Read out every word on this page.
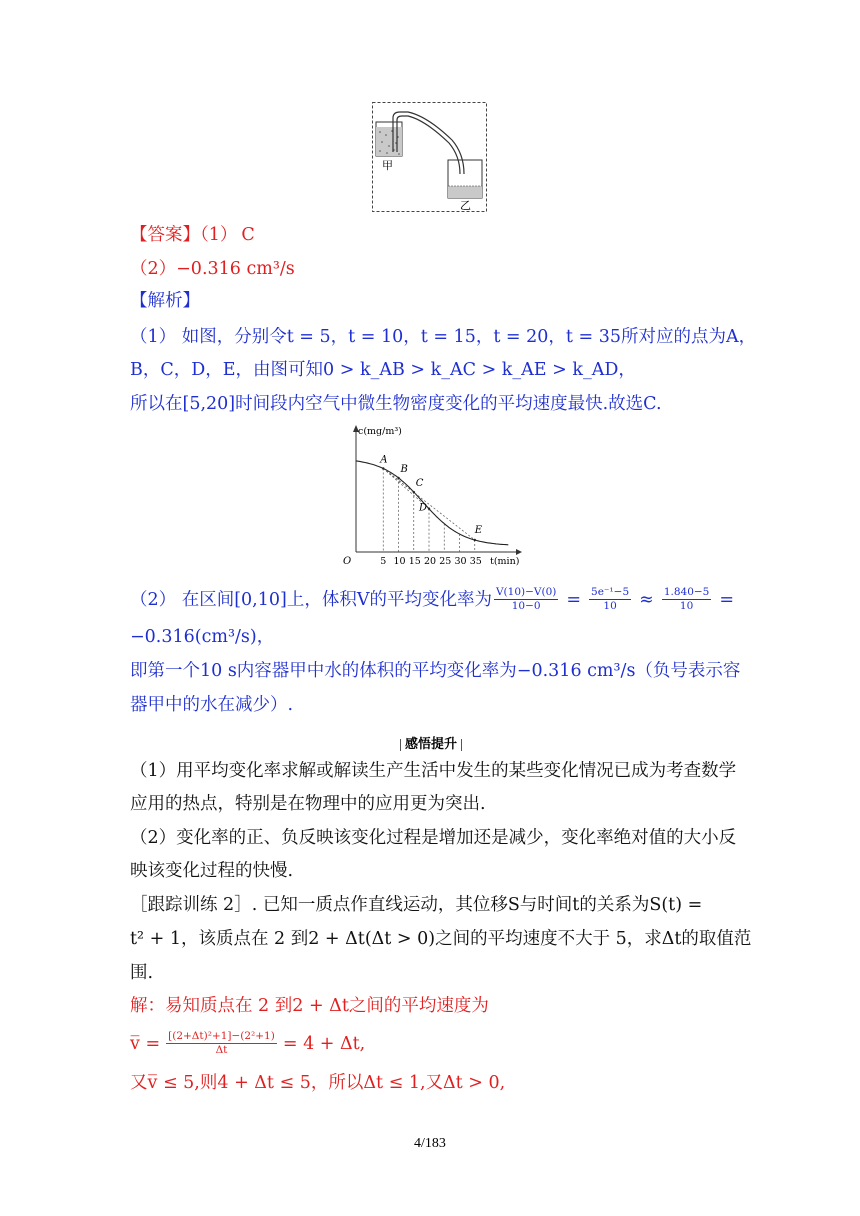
甲
乙
【答案】（1） C
（2）−0.316 cm³/s
【解析】
（1） 如图，分别令t = 5，t = 10，t = 15，t = 20，t = 35所对应的点为A，
B，C，D，E，由图可知0 > k_AB > k_AC > k_AE > k_AD，
所以在[5,20]时间段内空气中微生物密度变化的平均速度最快.故选C.
c(mg/m³)
t(min)
O	5 10 15 20 25 30 35
A
B
C
D
E
（2） 在区间[0,10]上，体积V的平均变化率为 $\frac{V(10)-V(0)}{10-0} = \frac{\text{5e⁻¹−5}}{10} \approx \frac{1.840-5}{10}$ =
−0.316(cm³/s)，
即第一个10 s内容器甲中水的体积的平均变化率为−0.316 cm³/s（负号表示容
器甲中的水在减少）.
感悟提升
（1）用平均变化率求解或解读生产生活中发生的某些变化情况已成为考查数学
应用的热点，特别是在物理中的应用更为突出.
（2）变化率的正、负反映该变化过程是增加还是减少，变化率绝对值的大小反
映该变化过程的快慢.
［跟踪训练 2］. 已知一质点作直线运动，其位移S与时间t的关系为S(t) =
t² + 1，该质点在 2 到2 + Δt(Δt > 0)之间的平均速度不大于 5，求Δt的取值范
围.
解：易知质点在 2 到2 + Δt之间的平均速度为
v̅ = $\frac{\text{[(2+Δt)²+1]−(2²+1)}}{\Delta t} = 4 + \Delta t$,
又v̅ ≤ 5,则4 + Δt ≤ 5，所以Δt ≤ 1,又Δt > 0,
4/183
